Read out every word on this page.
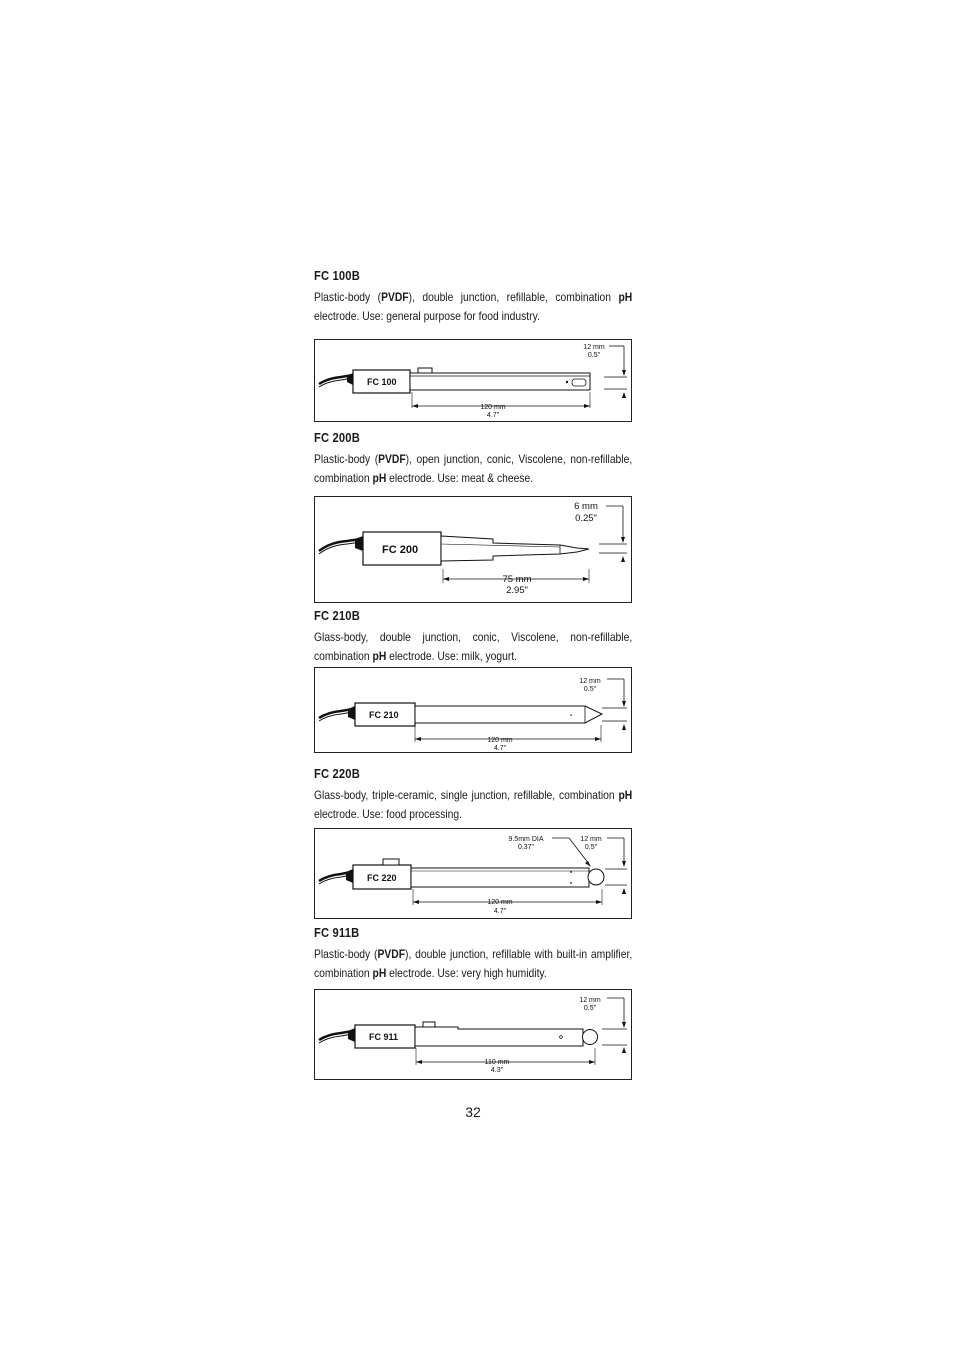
FC 100B

Plastic-body (PVDF), double junction, refillable, combination pH electrode. Use: general purpose for food industry.

FC 100
120 mm
4.7"
12 mm
0.5"

FC 200B

Plastic-body (PVDF), open junction, conic, Viscolene, non-refillable, combination pH electrode. Use: meat & cheese.

FC 200
75 mm
2.95"
6 mm
0.25"

FC 210B

Glass-body, double junction, conic, Viscolene, non-refillable, combination pH electrode. Use: milk, yogurt.

FC 210
120 mm
4.7"
12 mm
0.5"

FC 220B

Glass-body, triple-ceramic, single junction, refillable, combination pH electrode. Use: food processing.

FC 220
120 mm
4.7"
9.5mm DIA
0.37"
12 mm
0.5"

FC 911B

Plastic-body (PVDF), double junction, refillable with built-in amplifier, combination pH electrode. Use: very high humidity.

FC 911
110 mm
4.3"
12 mm
0.5"
32
